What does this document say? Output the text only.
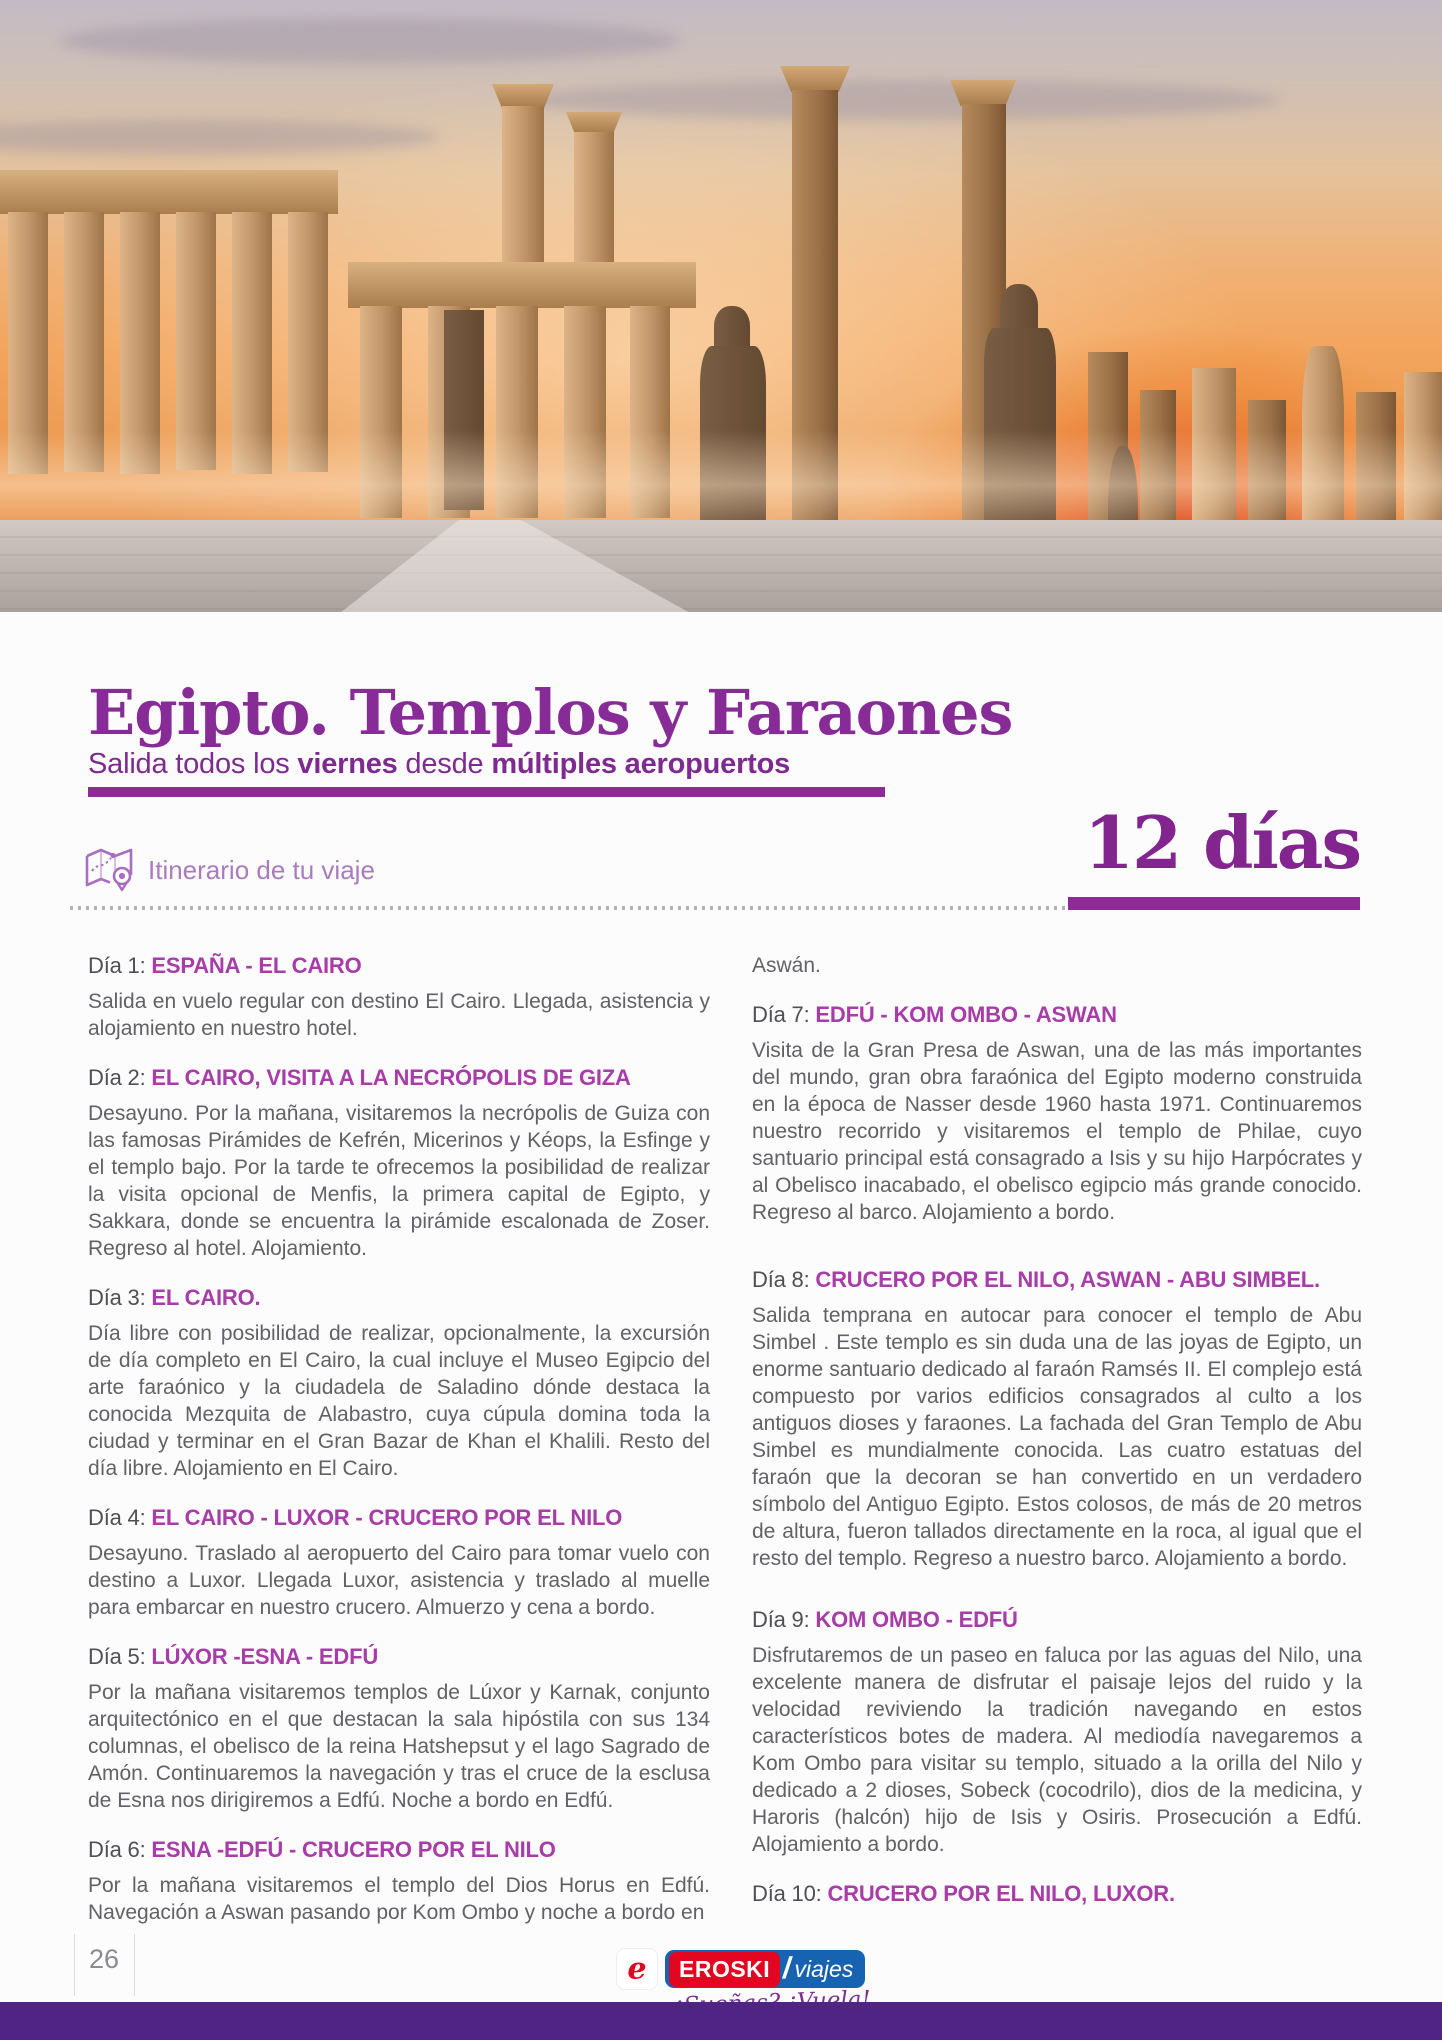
Egipto. Templos y Faraones
Salida todos los viernes desde múltiples aeropuertos
Itinerario de tu viaje	12 días
Día 1: ESPAÑA - EL CAIRO

Salida en vuelo regular con destino El Cairo. Llegada, asistencia y alojamiento en nuestro hotel.

Día 2: EL CAIRO, VISITA A LA NECRÓPOLIS DE GIZA

Desayuno. Por la mañana, visitaremos la necrópolis de Guiza con las famosas Pirámides de Kefrén, Micerinos y Kéops, la Esfinge y el templo bajo. Por la tarde te ofrecemos la posibilidad de realizar la visita opcional de Menfis, la primera capital de Egipto, y Sakkara, donde se encuentra la pirámide escalonada de Zoser. Regreso al hotel. Alojamiento.

Día 3: EL CAIRO.

Día libre con posibilidad de realizar, opcionalmente, la excursión de día completo en El Cairo, la cual incluye el Museo Egipcio del arte faraónico y la ciudadela de Saladino dónde destaca la conocida Mezquita de Alabastro, cuya cúpula domina toda la ciudad y terminar en el Gran Bazar de Khan el Khalili. Resto del día libre. Alojamiento en El Cairo.

Día 4: EL CAIRO - LUXOR - CRUCERO POR EL NILO

Desayuno. Traslado al aeropuerto del Cairo para tomar vuelo con destino a Luxor. Llegada Luxor, asistencia y traslado al muelle para embarcar en nuestro crucero. Almuerzo y cena a bordo.

Día 5: LÚXOR -ESNA - EDFÚ

Por la mañana visitaremos templos de Lúxor y Karnak, conjunto arquitectónico en el que destacan la sala hipóstila con sus 134 columnas, el obelisco de la reina Hatshepsut y el lago Sagrado de Amón. Continuaremos la navegación y tras el cruce de la esclusa de Esna nos dirigiremos a Edfú. Noche a bordo en Edfú.

Día 6: ESNA -EDFÚ - CRUCERO POR EL NILO

Por la mañana visitaremos el templo del Dios Horus en Edfú. Navegación a Aswan pasando por Kom Ombo y noche a bordo en

Aswán.

Día 7: EDFÚ - KOM OMBO - ASWAN

Visita de la Gran Presa de Aswan, una de las más importantes del mundo, gran obra faraónica del Egipto moderno construida en la época de Nasser desde 1960 hasta 1971. Continuaremos nuestro recorrido y visitaremos el templo de Philae, cuyo santuario principal está consagrado a Isis y su hijo Harpócrates y al Obelisco inacabado, el obelisco egipcio más grande conocido. Regreso al barco. Alojamiento a bordo.

Día 8: CRUCERO POR EL NILO, ASWAN - ABU SIMBEL.

Salida temprana en autocar para conocer el templo de Abu Simbel . Este templo es sin duda una de las joyas de Egipto, un enorme santuario dedicado al faraón Ramsés II. El complejo está compuesto por varios edificios consagrados al culto a los antiguos dioses y faraones. La fachada del Gran Templo de Abu Simbel es mundialmente conocida. Las cuatro estatuas del faraón que la decoran se han convertido en un verdadero símbolo del Antiguo Egipto. Estos colosos, de más de 20 metros de altura, fueron tallados directamente en la roca, al igual que el resto del templo. Regreso a nuestro barco. Alojamiento a bordo.

Día 9: KOM OMBO - EDFÚ

Disfrutaremos de un paseo en faluca por las aguas del Nilo, una excelente manera de disfrutar el paisaje lejos del ruido y la velocidad reviviendo la tradición navegando en estos característicos botes de madera. Al mediodía navegaremos a Kom Ombo para visitar su templo, situado a la orilla del Nilo y dedicado a 2 dioses, Sobeck (cocodrilo), dios de la medicina, y Haroris (halcón) hijo de Isis y Osiris. Prosecución a Edfú. Alojamiento a bordo.

Día 10: CRUCERO POR EL NILO, LUXOR.
26	e	EROSKI / viajes
